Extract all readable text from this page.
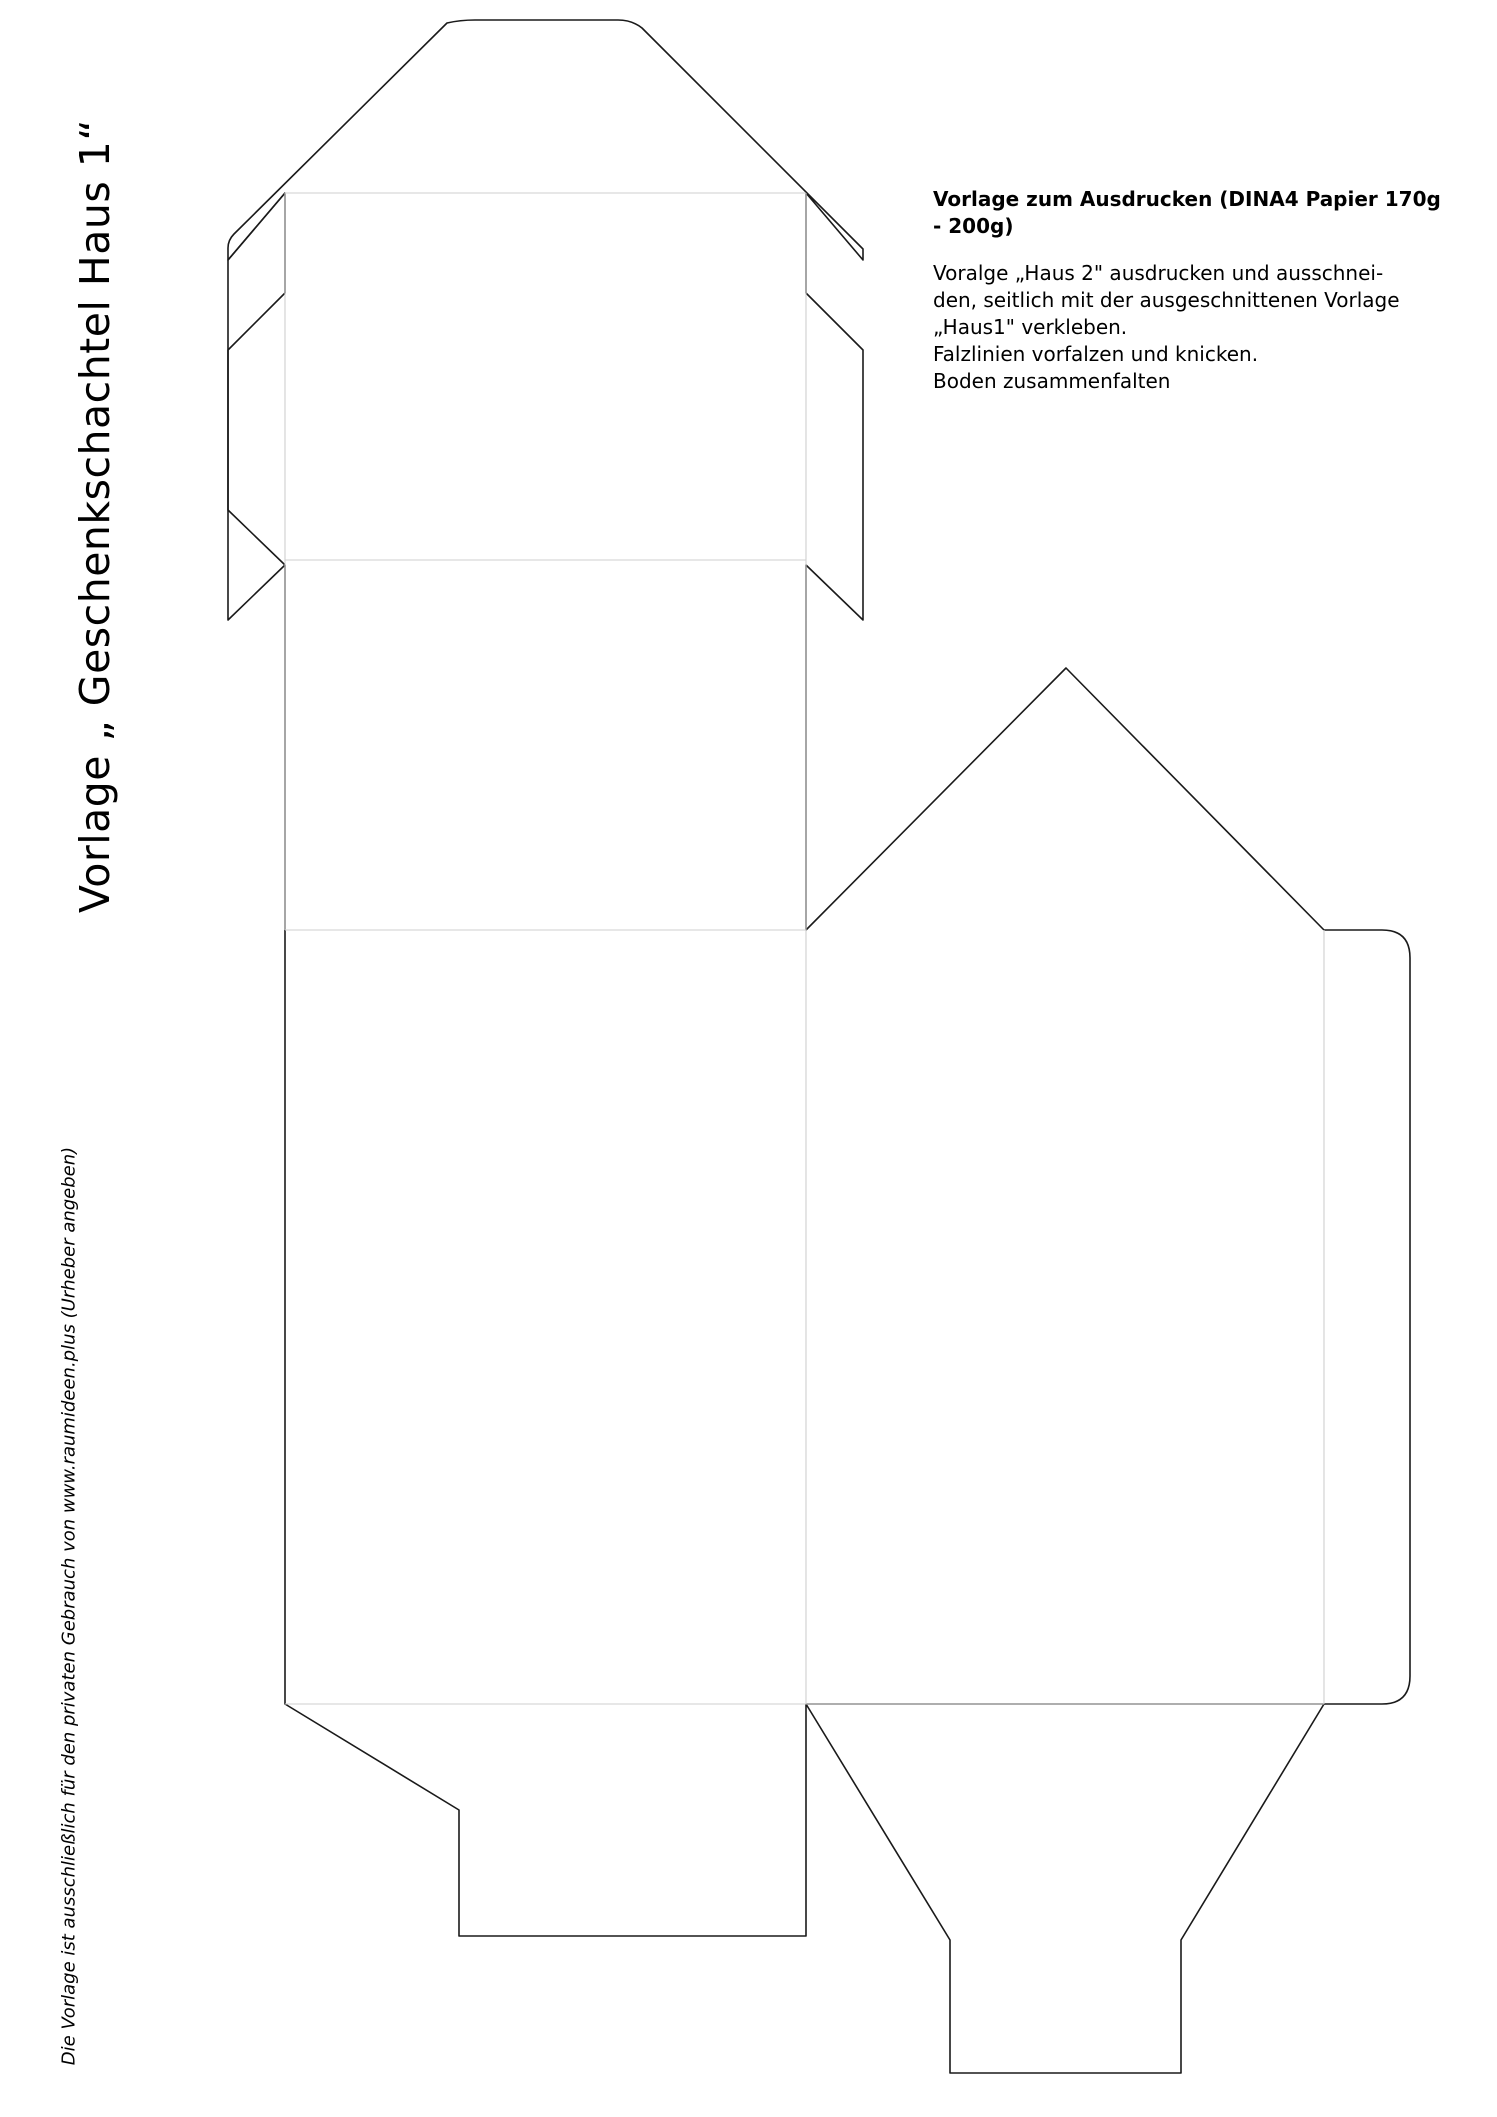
Vorlage „ Geschenkschachtel Haus 1“
Die Vorlage ist ausschließlich für den privaten Gebrauch von www.raumideen.plus (Urheber angeben)
Vorlage zum Ausdrucken (DINA4 Papier 170g - 200g)
Voralge „Haus 2" ausdrucken und ausschnei-
den, seitlich mit der ausgeschnittenen Vorlage
„Haus1" verkleben.
Falzlinien vorfalzen und knicken.
Boden zusammenfalten
